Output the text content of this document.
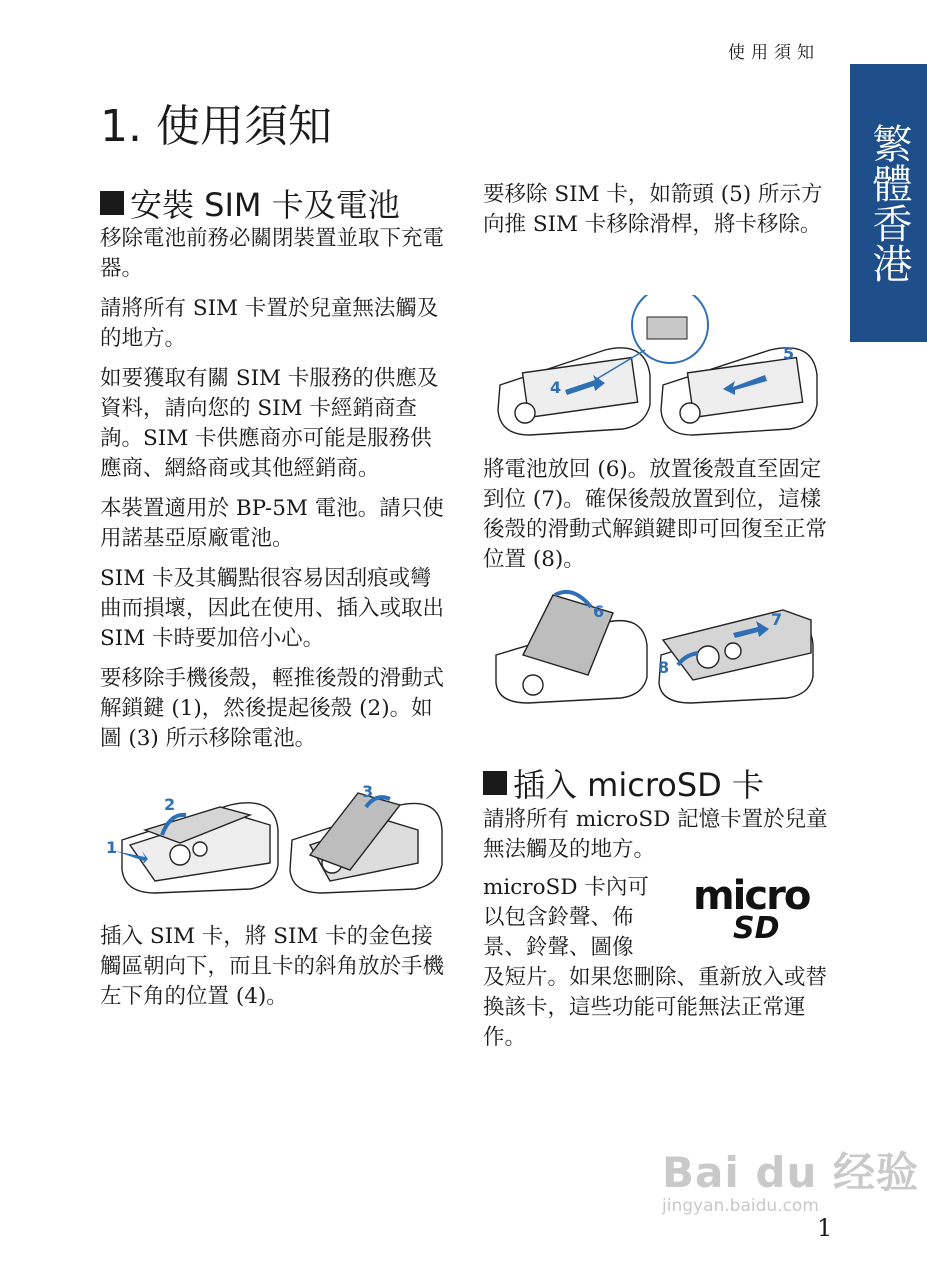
使用須知
繁體香港
1. 使用須知
安裝 SIM 卡及電池

移除電池前務必關閉裝置並取下充電器。

請將所有 SIM 卡置於兒童無法觸及的地方。

如要獲取有關 SIM 卡服務的供應及資料，請向您的 SIM 卡經銷商查詢。SIM 卡供應商亦可能是服務供應商、網絡商或其他經銷商。

本裝置適用於 BP-5M 電池。請只使用諾基亞原廠電池。

SIM 卡及其觸點很容易因刮痕或彎曲而損壞，因此在使用、插入或取出 SIM 卡時要加倍小心。

要移除手機後殼，輕推後殼的滑動式解鎖鍵 (1)，然後提起後殼 (2)。如圖 (3) 所示移除電池。

1
2
3
插入 SIM 卡，將 SIM 卡的金色接觸區朝向下，而且卡的斜角放於手機 左下角的位置 (4)。
要移除 SIM 卡，如箭頭 (5) 所示方向推 SIM 卡移除滑桿，將卡移除。
4
5
將電池放回 (6)。放置後殼直至固定到位 (7)。確保後殼放置到位，這樣後殼的滑動式解鎖鍵即可回復至正常位置 (8)。
6	7
8
插入 microSD 卡
請將所有 microSD 記憶卡置於兒童無法觸及的地方。
microSD 卡內可
以包含鈴聲、佈
景、鈴聲、圖像
micro
SD
及短片。如果您刪除、重新放入或替換該卡，這些功能可能無法正常運作。
Bai du 经验
jingyan.baidu.com
1
